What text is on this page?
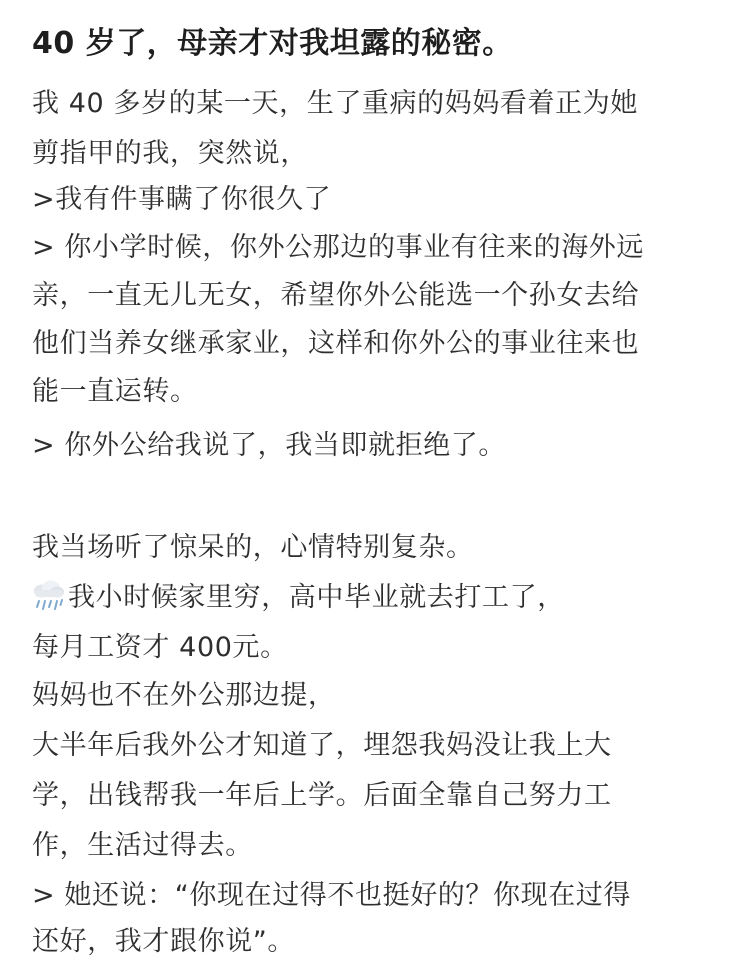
40 岁了，母亲才对我坦露的秘密。
我 40 多岁的某一天，生了重病的妈妈看着正为她
剪指甲的我，突然说，
>我有件事瞒了你很久了
> 你小学时候，你外公那边的事业有往来的海外远
亲，一直无儿无女，希望你外公能选一个孙女去给
他们当养女继承家业，这样和你外公的事业往来也
能一直运转。
> 你外公给我说了，我当即就拒绝了。
我当场听了惊呆的，心情特别复杂。
我小时候家里穷，高中毕业就去打工了，
每月工资才 400元。
妈妈也不在外公那边提，
大半年后我外公才知道了，埋怨我妈没让我上大
学，出钱帮我一年后上学。后面全靠自己努力工
作，生活过得去。
> 她还说：“你现在过得不也挺好的？你现在过得
还好，我才跟你说”。
